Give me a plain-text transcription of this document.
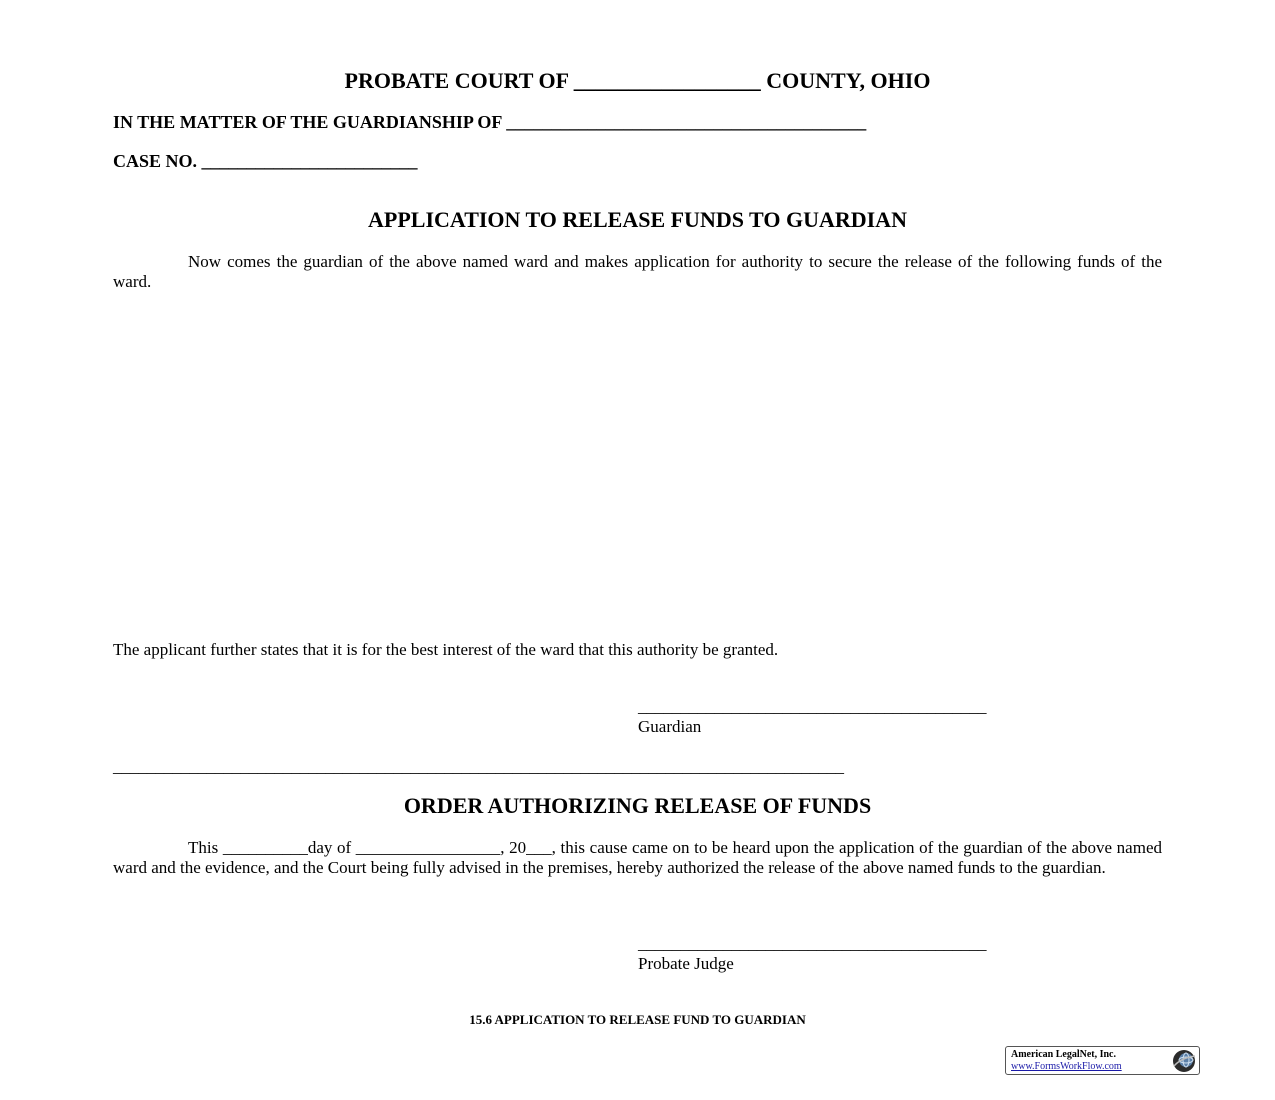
PROBATE COURT OF _________________ COUNTY, OHIO
IN THE MATTER OF THE GUARDIANSHIP OF ________________________________________
CASE NO. ________________________
APPLICATION TO RELEASE FUNDS TO GUARDIAN
Now comes the guardian of the above named ward and makes application for authority to secure the release of the following funds of the ward.
The applicant further states that it is for the best interest of the ward that this authority be granted.
_________________________________________
Guardian
______________________________________________________________________________________
ORDER AUTHORIZING RELEASE OF FUNDS
This __________day of _________________, 20___, this cause came on to be heard upon the application of the guardian of the above named ward and the evidence, and the Court being fully advised in the premises, hereby authorized the release of the above named funds to the guardian.
_________________________________________
Probate Judge
15.6 APPLICATION TO RELEASE FUND TO GUARDIAN
American LegalNet, Inc.
www.FormsWorkFlow.com
